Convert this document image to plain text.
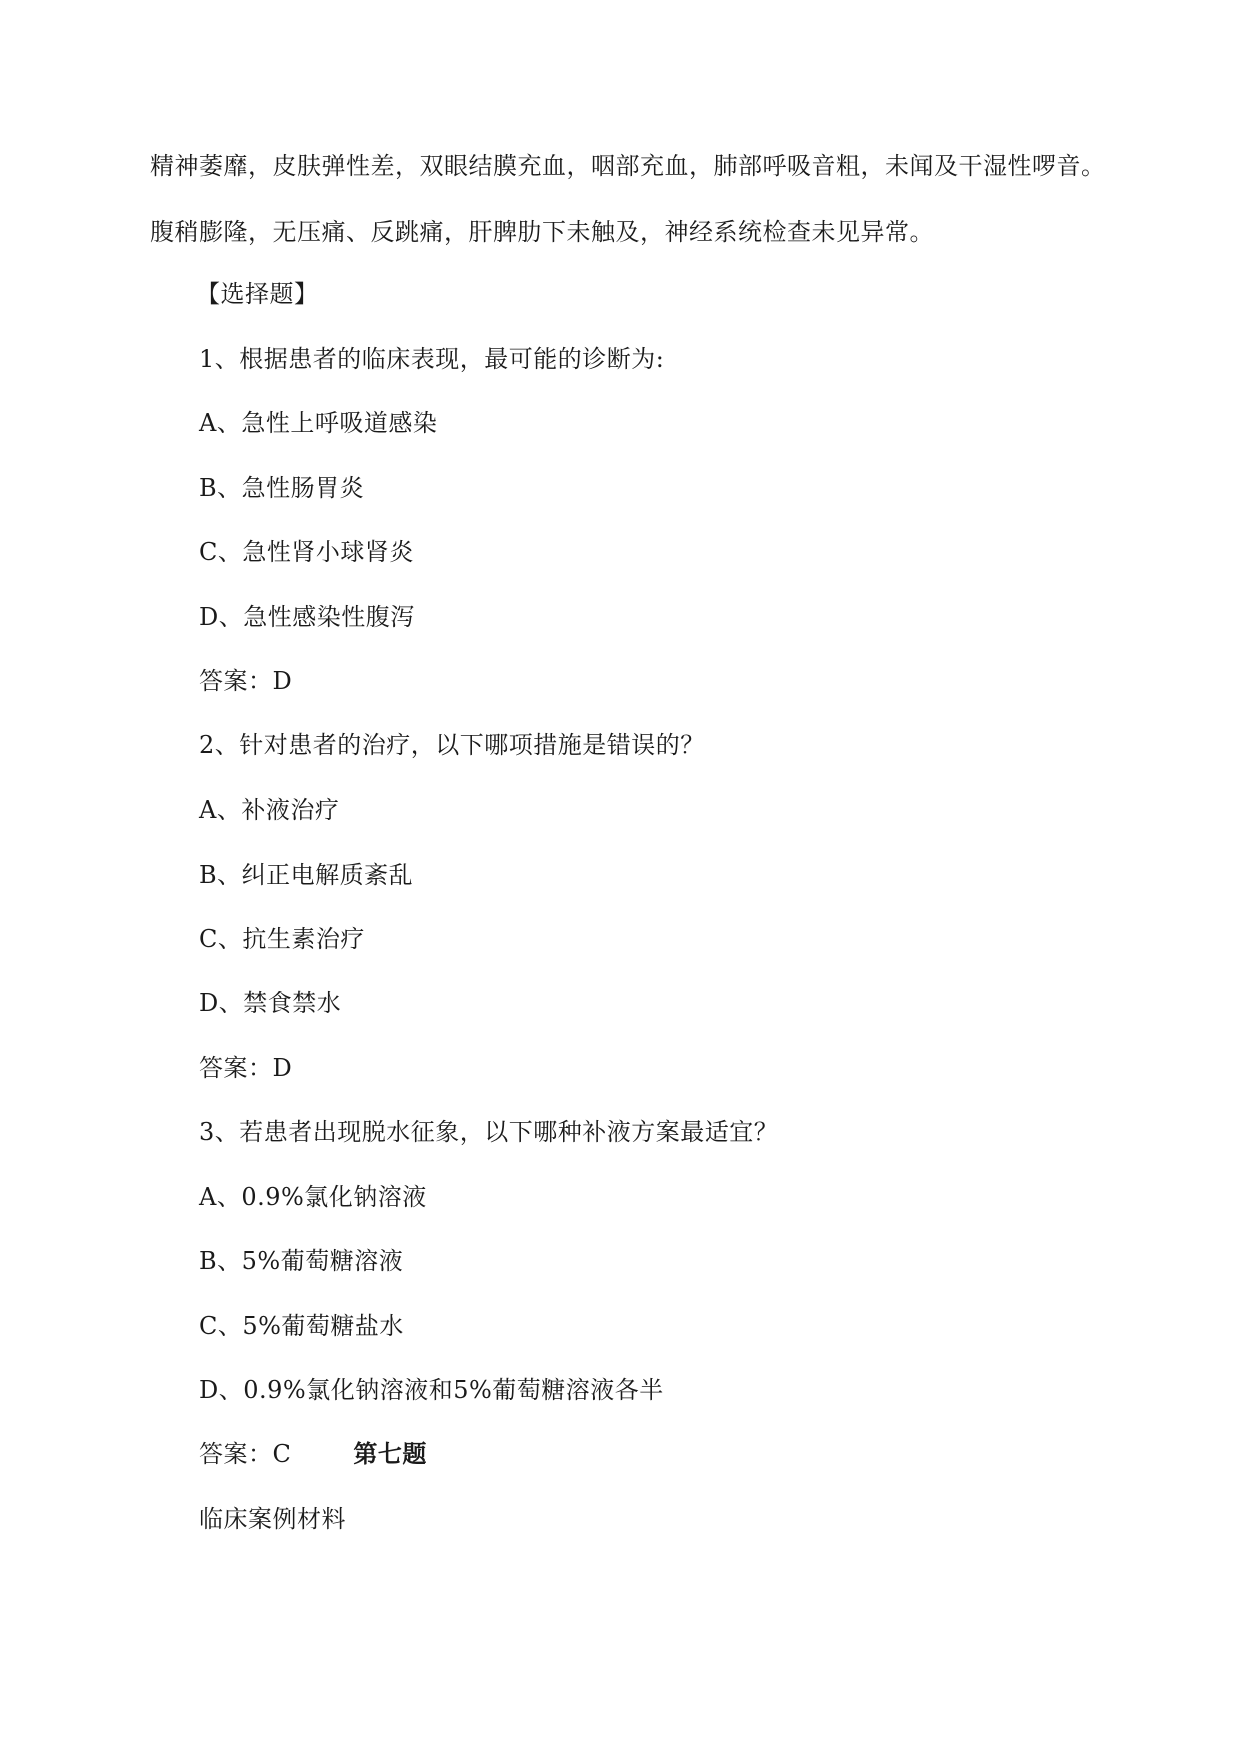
精神萎靡，皮肤弹性差，双眼结膜充血，咽部充血，肺部呼吸音粗，未闻及干湿性啰音。
腹稍膨隆，无压痛、反跳痛，肝脾肋下未触及，神经系统检查未见异常。
【选择题】
1、根据患者的临床表现，最可能的诊断为:
A、急性上呼吸道感染
B、急性肠胃炎
C、急性肾小球肾炎
D、急性感染性腹泻
答案：D
2、针对患者的治疗，以下哪项措施是错误的？
A、补液治疗
B、纠正电解质紊乱
C、抗生素治疗
D、禁食禁水
答案：D
3、若患者出现脱水征象，以下哪种补液方案最适宜？
A、0.9%氯化钠溶液
B、5%葡萄糖溶液
C、5%葡萄糖盐水
D、0.9%氯化钠溶液和5%葡萄糖溶液各半
答案：C	第七题
临床案例材料
